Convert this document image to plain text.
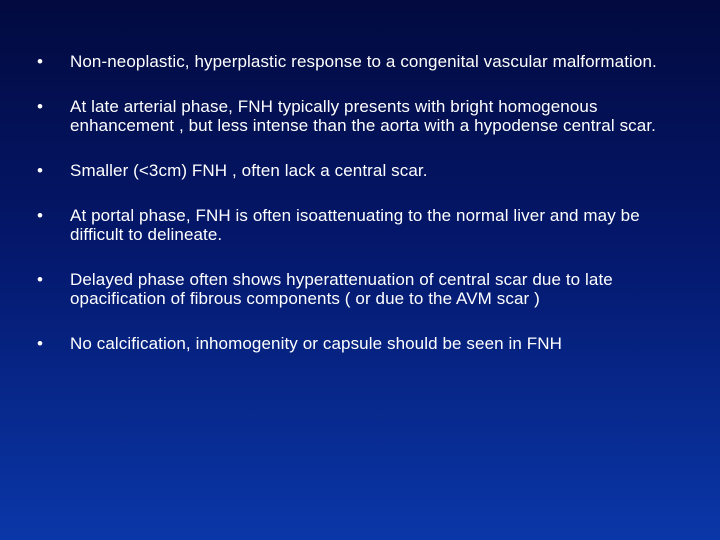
•	Non-neoplastic, hyperplastic response to a congenital vascular malformation.
•	At late arterial phase, FNH typically presents with bright homogenous enhancement , but less intense than the aorta with a hypodense central scar.
•	Smaller (<3cm) FNH , often lack a central scar.
•	At portal phase, FNH is often isoattenuating to the normal liver and may be difficult to delineate.
•	Delayed phase often shows hyperattenuation of central scar due to late opacification of fibrous components ( or due to the AVM scar )
•	No calcification, inhomogenity or capsule should be seen in FNH
